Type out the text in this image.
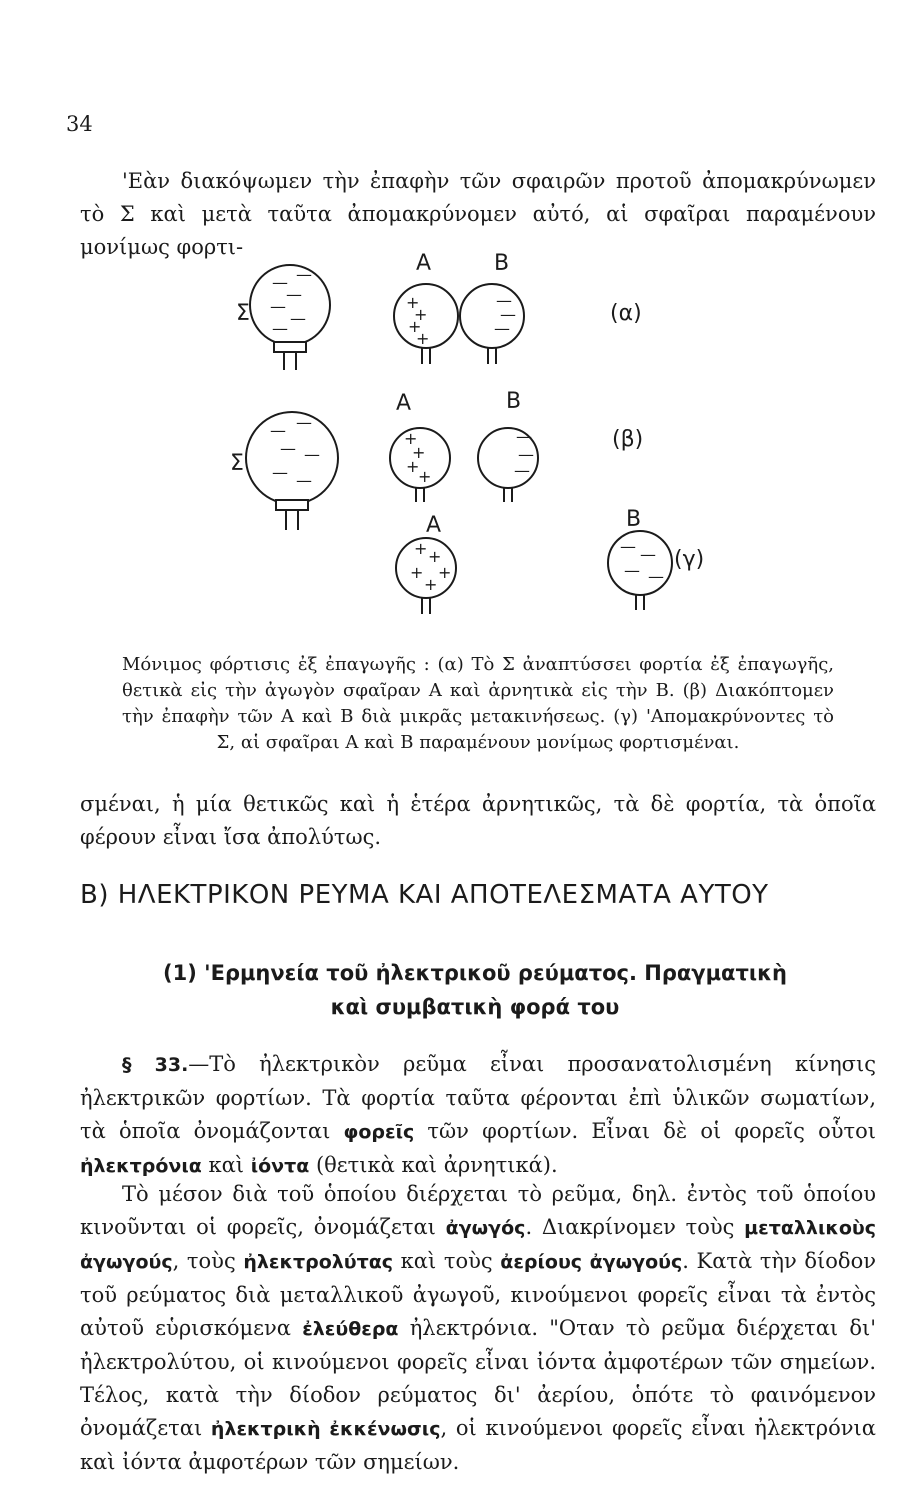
34

'Εὰν διακόψωμεν τὴν ἐπαφὴν τῶν σφαιρῶν προτοῦ ἀπομακρύνωμεν τὸ Σ καὶ μετὰ ταῦτα ἀπομακρύνομεν αὐτό, αἱ σφαῖραι παραμένουν μονίμως φορτι-

—
—
—
—
—
—
+
+
+
+
—
—
—
— —
— —
— —
+
+
+
+
—
—
—
+ +
+
+
+
— —
— —
Σ
Α	Β
(α)
Σ
Α	Β
(β)
Α	Β
(γ)

Μόνιμος φόρτισις ἐξ ἐπαγωγῆς : (α) Τὸ Σ ἀναπτύσσει φορτία ἐξ ἐπαγωγῆς, θετικὰ εἰς τὴν ἀγωγὸν σφαῖραν Α καὶ ἀρνητικὰ εἰς τὴν Β. (β) Διακόπτομεν τὴν ἐπαφὴν τῶν Α καὶ Β διὰ μικρᾶς μετακινήσεως. (γ) 'Απομακρύνοντες τὸ Σ, αἱ σφαῖραι Α καὶ Β παραμένουν μονίμως φορτισμέναι.

σμέναι, ἡ μία θετικῶς καὶ ἡ ἑτέρα ἀρνητικῶς, τὰ δὲ φορτία, τὰ ὁποῖα φέρουν εἶναι ἴσα ἀπολύτως.

Β) ΗΛΕΚΤΡΙΚΟΝ ΡΕΥΜΑ ΚΑΙ ΑΠΟΤΕΛΕΣΜΑΤΑ ΑΥΤΟΥ
(1) 'Ερμηνεία τοῦ ἠλεκτρικοῦ ρεύματος. Πραγματικὴ
καὶ συμβατικὴ φορά του

§ 33.—Τὸ ἠλεκτρικὸν ρεῦμα εἶναι προσανατολισμένη κίνησις ἠλεκτρικῶν φορτίων. Τὰ φορτία ταῦτα φέρονται ἐπὶ ὑλικῶν σωματίων, τὰ ὁποῖα ὀνομάζονται φορεῖς τῶν φορτίων. Εἶναι δὲ οἱ φορεῖς οὗτοι ἠλεκτρόνια καὶ ἰόντα (θετικὰ καὶ ἀρνητικά).

Τὸ μέσον διὰ τοῦ ὁποίου διέρχεται τὸ ρεῦμα, δηλ. ἐντὸς τοῦ ὁποίου κινοῦνται οἱ φορεῖς, ὀνομάζεται ἀγωγός. Διακρίνομεν τοὺς μεταλλικοὺς ἀγωγούς, τοὺς ἠλεκτρολύτας καὶ τοὺς ἀερίους ἀγωγούς. Κατὰ τὴν δίοδον τοῦ ρεύματος διὰ μεταλλικοῦ ἀγωγοῦ, κινούμενοι φορεῖς εἶναι τὰ ἐντὸς αὐτοῦ εὑρισκόμενα ἐλεύθερα ἠλεκτρόνια. "Οταν τὸ ρεῦμα διέρχεται δι' ἠλεκτρολύτου, οἱ κινούμενοι φορεῖς εἶναι ἰόντα ἀμφοτέρων τῶν σημείων. Τέλος, κατὰ τὴν δίοδον ρεύματος δι' ἀερίου, ὁπότε τὸ φαινόμενον ὀνομάζεται ἠλεκτρικὴ ἐκκένωσις, οἱ κινούμενοι φορεῖς εἶναι ἠλεκτρόνια καὶ ἰόντα ἀμφοτέρων τῶν σημείων.
